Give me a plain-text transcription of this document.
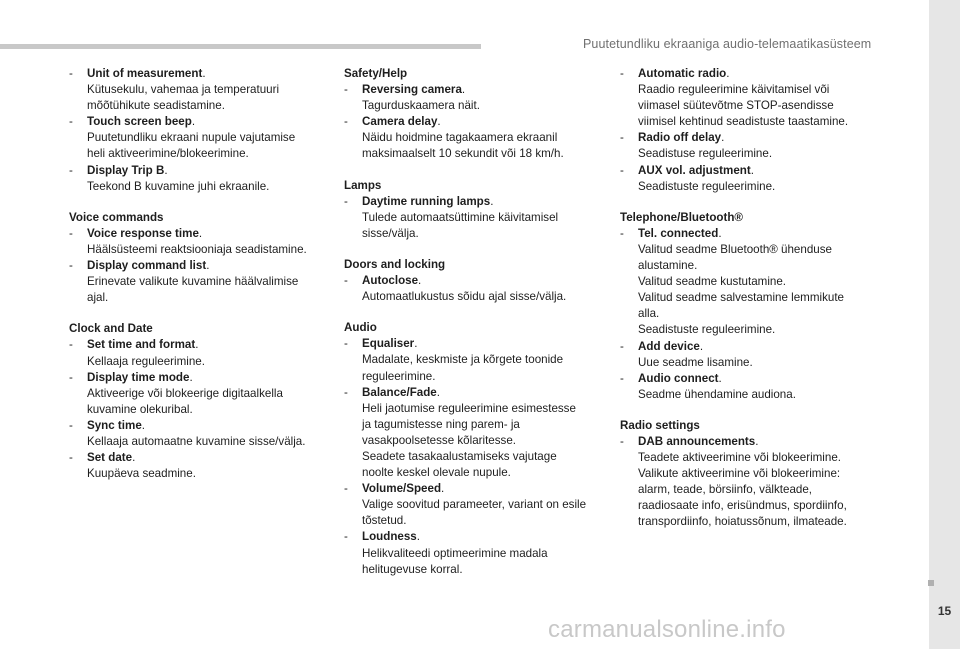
Puutetundliku ekraaniga audio-telemaatikasüsteem
15
- Unit of measurement.
Kütusekulu, vahemaa ja temperatuuri
mõõtühikute seadistamine.
- Touch screen beep.
Puutetundliku ekraani nupule vajutamise
heli aktiveerimine/blokeerimine.
- Display Trip B.
Teekond B kuvamine juhi ekraanile.
Voice commands
- Voice response time.
Häälsüsteemi reaktsiooniaja seadistamine.
- Display command list.
Erinevate valikute kuvamine häälvalimise
ajal.
Clock and Date
- Set time and format.
Kellaaja reguleerimine.
- Display time mode.
Aktiveerige või blokeerige digitaalkella
kuvamine olekuribal.
- Sync time.
Kellaaja automaatne kuvamine sisse/välja.
- Set date.
Kuupäeva seadmine.
Safety/Help
- Reversing camera.
Tagurduskaamera näit.
- Camera delay.
Näidu hoidmine tagakaamera ekraanil
maksimaalselt 10 sekundit või 18 km/h.
Lamps
- Daytime running lamps.
Tulede automaatsüttimine käivitamisel
sisse/välja.
Doors and locking
- Autoclose.
Automaatlukustus sõidu ajal sisse/välja.
Audio
- Equaliser.
Madalate, keskmiste ja kõrgete toonide
reguleerimine.
- Balance/Fade.
Heli jaotumise reguleerimine esimestesse
ja tagumistesse ning parem- ja
vasakpoolsetesse kõlaritesse.
Seadete tasakaalustamiseks vajutage
noolte keskel olevale nupule.
- Volume/Speed.
Valige soovitud parameeter, variant on esile
tõstetud.
- Loudness.
Helikvaliteedi optimeerimine madala
helitugevuse korral.
- Automatic radio.
Raadio reguleerimine käivitamisel või
viimasel süütevõtme STOP-asendisse
viimisel kehtinud seadistuste taastamine.
- Radio off delay.
Seadistuse reguleerimine.
- AUX vol. adjustment.
Seadistuste reguleerimine.
Telephone/Bluetooth®
- Tel. connected.
Valitud seadme Bluetooth® ühenduse
alustamine.
Valitud seadme kustutamine.
Valitud seadme salvestamine lemmikute
alla.
Seadistuste reguleerimine.
- Add device.
Uue seadme lisamine.
- Audio connect.
Seadme ühendamine audiona.
Radio settings
- DAB announcements.
Teadete aktiveerimine või blokeerimine.
Valikute aktiveerimine või blokeerimine:
alarm, teade, börsiinfo, välkteade,
raadiosaate info, erisündmus, spordiinfo,
transpordiinfo, hoiatussõnum, ilmateade.
carmanualsonline.info
